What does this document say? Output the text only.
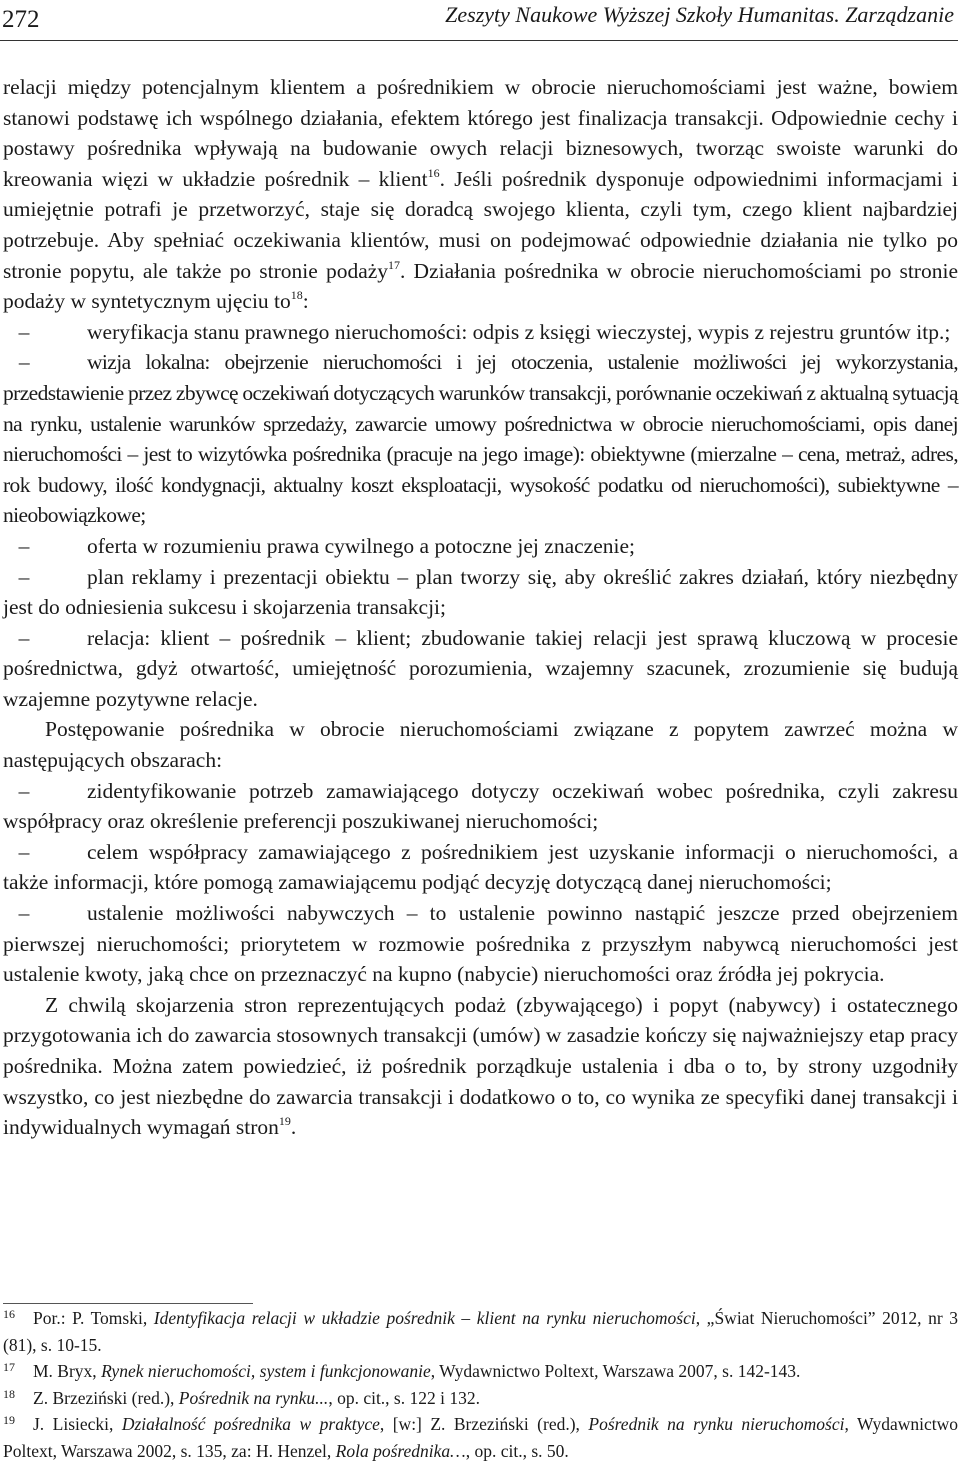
272	Zeszyty Naukowe Wyższej Szkoły Humanitas. Zarządzanie

relacji między potencjalnym klientem a pośrednikiem w obrocie nieruchomościami jest ważne, bowiem stanowi podstawę ich wspólnego działania, efektem którego jest finalizacja transakcji. Odpowiednie cechy i postawy pośrednika wpływają na budowanie owych relacji biznesowych, tworząc swoiste warunki do kreowania więzi w układzie pośrednik – klient$^{16}$. Jeśli pośrednik dysponuje odpowiednimi informacjami i umiejętnie potrafi je przetworzyć, staje się doradcą swojego klienta, czyli tym, czego klient najbardziej potrzebuje. Aby spełniać oczekiwania klientów, musi on podejmować odpowiednie działania nie tylko po stronie popytu, ale także po stronie podaży$^{17}$. Działania pośrednika w obrocie nieruchomościami po stronie podaży w syntetycznym ujęciu $to^{18}$:

–weryfikacja stanu prawnego nieruchomości: odpis z księgi wieczystej, wypis z rejestru gruntów itp.;

–wizja lokalna: obejrzenie nieruchomości i jej otoczenia, ustalenie możliwości jej wykorzystania, przedstawienie przez zbywcę oczekiwań dotyczących warunków transakcji, porównanie oczekiwań z aktualną sytuacją na rynku, ustalenie warunków sprzedaży, zawarcie umowy pośrednictwa w obrocie nieruchomościami, opis danej nieruchomości – jest to wizytówka pośrednika (pracuje na jego image): obiektywne (mierzalne – cena, metraż, adres, rok budowy, ilość kondygnacji, aktualny koszt eksploatacji, wysokość podatku od nieruchomości), subiektywne – nieobowiązkowe;

–oferta w rozumieniu prawa cywilnego a potoczne jej znaczenie;

–plan reklamy i prezentacji obiektu – plan tworzy się, aby określić zakres działań, który niezbędny jest do odniesienia sukcesu i skojarzenia transakcji;

–relacja: klient – pośrednik – klient; zbudowanie takiej relacji jest sprawą kluczową w procesie pośrednictwa, gdyż otwartość, umiejętność porozumienia, wzajemny szacunek, zrozumienie się budują wzajemne pozytywne relacje.

Postępowanie pośrednika w obrocie nieruchomościami związane z popytem zawrzeć można w następujących obszarach:

–zidentyfikowanie potrzeb zamawiającego dotyczy oczekiwań wobec pośrednika, czyli zakresu współpracy oraz określenie preferencji poszukiwanej nieruchomości;

–celem współpracy zamawiającego z pośrednikiem jest uzyskanie informacji o nieruchomości, a także informacji, które pomogą zamawiającemu podjąć decyzję dotyczącą danej nieruchomości;

–ustalenie możliwości nabywczych – to ustalenie powinno nastąpić jeszcze przed obejrzeniem pierwszej nieruchomości; priorytetem w rozmowie pośrednika z przyszłym nabywcą nieruchomości jest ustalenie kwoty, jaką chce on przeznaczyć na kupno (nabycie) nieruchomości oraz źródła jej pokrycia.

Z chwilą skojarzenia stron reprezentujących podaż (zbywającego) i popyt (nabywcy) i ostatecznego przygotowania ich do zawarcia stosownych transakcji (umów) w zasadzie kończy się najważniejszy etap pracy pośrednika. Można zatem powiedzieć, iż pośrednik porządkuje ustalenia i dba o to, by strony uzgodniły wszystko, co jest niezbędne do zawarcia transakcji i dodatkowo o to, co wynika ze specyfiki danej transakcji i indywidualnych wymagań stron$^{19}$.

16 Por.: P. Tomski, Identyfikacja relacji w układzie pośrednik – klient na rynku nieruchomości, „Świat Nieruchomości” 2012, nr 3 (81), s. 10-15.

17 M. Bryx, Rynek nieruchomości, system i funkcjonowanie, Wydawnictwo Poltext, Warszawa 2007, s. 142-143.

18 Z. Brzeziński (red.), Pośrednik na rynku..., op. cit., s. 122 i 132.

19 J. Lisiecki, Działalność pośrednika w praktyce, [w:] Z. Brzeziński (red.), Pośrednik na rynku nieruchomości, Wydawnictwo Poltext, Warszawa 2002, s. 135, za: H. Henzel, Rola pośrednika…, op. cit., s. 50.
